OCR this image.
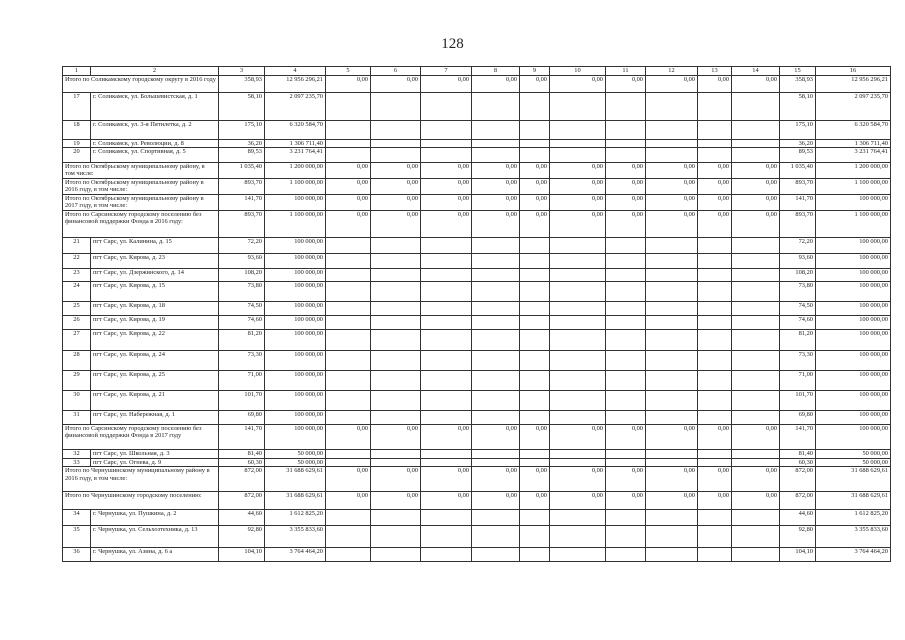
128
1	2	3	4	5	6	7	8	9	10	11	12	13	14	15	16
Итого по Соликамскому городскому округу в 2016 году		358,93	12 956 296,21	0,00	0,00	0,00	0,00	0,00	0,00	0,00	0,00	0,00	0,00	358,93	12 956 296,21
17	г. Соликамск, ул. Большевистская, д. 1	58,10	2 097 235,70											58,10	2 097 235,70
18	г. Соликамск, ул. 3-я Пятилетка, д. 2	175,10	6 320 584,70											175,10	6 320 584,70
19	г. Соликамск, ул. Революции, д. 8	36,20	1 306 711,40											36,20	1 306 711,40
20	г. Соликамск, ул. Спортивная, д. 5	89,53	3 231 764,41											89,53	3 231 764,41
Итого по Октябрьскому муниципальному району, в том числе:		1 035,40	1 200 000,00	0,00	0,00	0,00	0,00	0,00	0,00	0,00	0,00	0,00	0,00	1 035,40	1 200 000,00
Итого по Октябрьскому муниципальному району в 2016 году, в том числе:		893,70	1 100 000,00	0,00	0,00	0,00	0,00	0,00	0,00	0,00	0,00	0,00	0,00	893,70	1 100 000,00
Итого по Октябрьскому муниципальному району в 2017 году, в том числе:		141,70	100 000,00	0,00	0,00	0,00	0,00	0,00	0,00	0,00	0,00	0,00	0,00	141,70	100 000,00
Итого по Сарсинскому городскому поселению без финансовой поддержки Фонда в 2016 году:		893,70	1 100 000,00	0,00	0,00	0,00	0,00	0,00	0,00	0,00	0,00	0,00	0,00	893,70	1 100 000,00
21	пгт Сарс, ул. Калинина, д. 15	72,20	100 000,00											72,20	100 000,00
22	пгт Сарс, ул. Кирова, д. 23	93,60	100 000,00											93,60	100 000,00
23	пгт Сарс, ул. Дзержинского, д. 14	108,20	100 000,00											108,20	100 000,00
24	пгт Сарс, ул. Кирова, д. 15	73,80	100 000,00											73,80	100 000,00
25	пгт Сарс, ул. Кирова, д. 18	74,50	100 000,00											74,50	100 000,00
26	пгт Сарс, ул. Кирова, д. 19	74,60	100 000,00											74,60	100 000,00
27	пгт Сарс, ул. Кирова, д. 22	81,20	100 000,00											81,20	100 000,00
28	пгт Сарс, ул. Кирова, д. 24	73,30	100 000,00											73,30	100 000,00
29	пгт Сарс, ул. Кирова, д. 25	71,00	100 000,00											71,00	100 000,00
30	пгт Сарс, ул. Кирова, д. 21	101,70	100 000,00											101,70	100 000,00
31	пгт Сарс, ул. Набережная, д. 1	69,80	100 000,00											69,80	100 000,00
Итого по Сарсинскому городскому поселению без финансовой поддержки Фонда в 2017 году		141,70	100 000,00	0,00	0,00	0,00	0,00	0,00	0,00	0,00	0,00	0,00	0,00	141,70	100 000,00
32	пгт Сарс, ул. Школьная, д. 3	81,40	50 000,00											81,40	50 000,00
33	пгт Сарс, ул. Огнева, д. 9	60,30	50 000,00											60,30	50 000,00
Итого по Чернушинскому муниципальному району в 2016 году, в том числе:		872,00	31 688 629,61	0,00	0,00	0,00	0,00	0,00	0,00	0,00	0,00	0,00	0,00	872,00	31 688 629,61
Итого по Чернушинскому городскому поселению:		872,00	31 688 629,61	0,00	0,00	0,00	0,00	0,00	0,00	0,00	0,00	0,00	0,00	872,00	31 688 629,61
34	г. Чернушка, ул. Пушкина, д. 2	44,60	1 612 825,20											44,60	1 612 825,20
35	г. Чернушка, ул. Сельхозтехника, д. 13	92,80	3 355 833,60											92,80	3 355 833,60
36	г. Чернушка, ул. Азина, д. 6 а	104,10	3 764 464,20											104,10	3 764 464,20
